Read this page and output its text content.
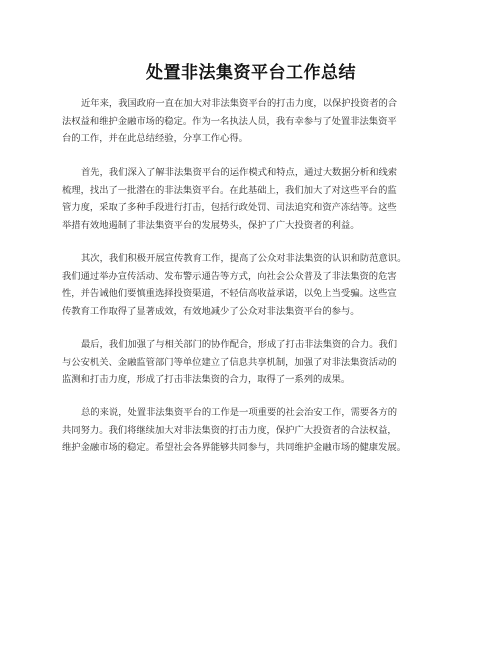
处置非法集资平台工作总结
近年来，我国政府一直在加大对非法集资平台的打击力度，以保护投资者的合
法权益和维护金融市场的稳定。作为一名执法人员，我有幸参与了处置非法集资平
台的工作，并在此总结经验，分享工作心得。
首先，我们深入了解非法集资平台的运作模式和特点，通过大数据分析和线索
梳理，找出了一批潜在的非法集资平台。在此基础上，我们加大了对这些平台的监
管力度，采取了多种手段进行打击，包括行政处罚、司法追究和资产冻结等。这些
举措有效地遏制了非法集资平台的发展势头，保护了广大投资者的利益。
其次，我们积极开展宣传教育工作，提高了公众对非法集资的认识和防范意识。
我们通过举办宣传活动、发布警示通告等方式，向社会公众普及了非法集资的危害
性，并告诫他们要慎重选择投资渠道，不轻信高收益承诺，以免上当受骗。这些宣
传教育工作取得了显著成效，有效地减少了公众对非法集资平台的参与。
最后，我们加强了与相关部门的协作配合，形成了打击非法集资的合力。我们
与公安机关、金融监管部门等单位建立了信息共享机制，加强了对非法集资活动的
监测和打击力度，形成了打击非法集资的合力，取得了一系列的成果。
总的来说，处置非法集资平台的工作是一项重要的社会治安工作，需要各方的
共同努力。我们将继续加大对非法集资的打击力度，保护广大投资者的合法权益，
维护金融市场的稳定。希望社会各界能够共同参与，共同维护金融市场的健康发展。
